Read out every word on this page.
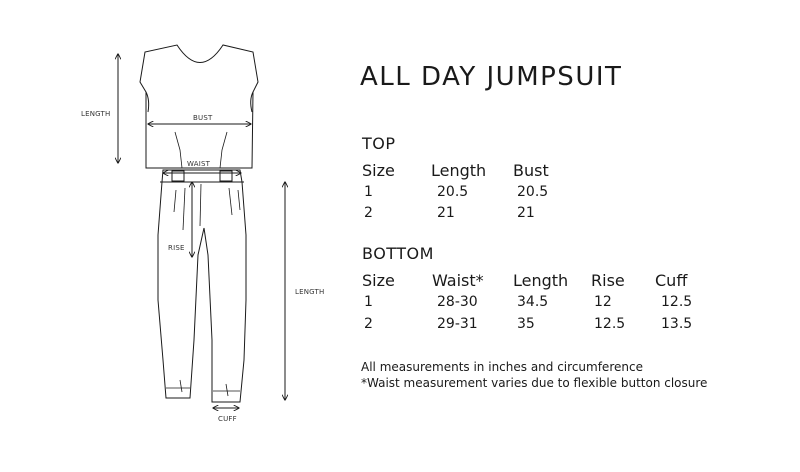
LENGTH	BUST
WAIST
RISE
LENGTH
CUFF
ALL DAY JUMPSUIT
TOP
Size Length Bust
1	20.5	20.5
2	21	21
BOTTOM
Size Waist* Length Rise Cuff
1	28-30	34.5	12	12.5
2	29-31	35	12.5	13.5
All measurements in inches and circumference
*Waist measurement varies due to flexible button closure
